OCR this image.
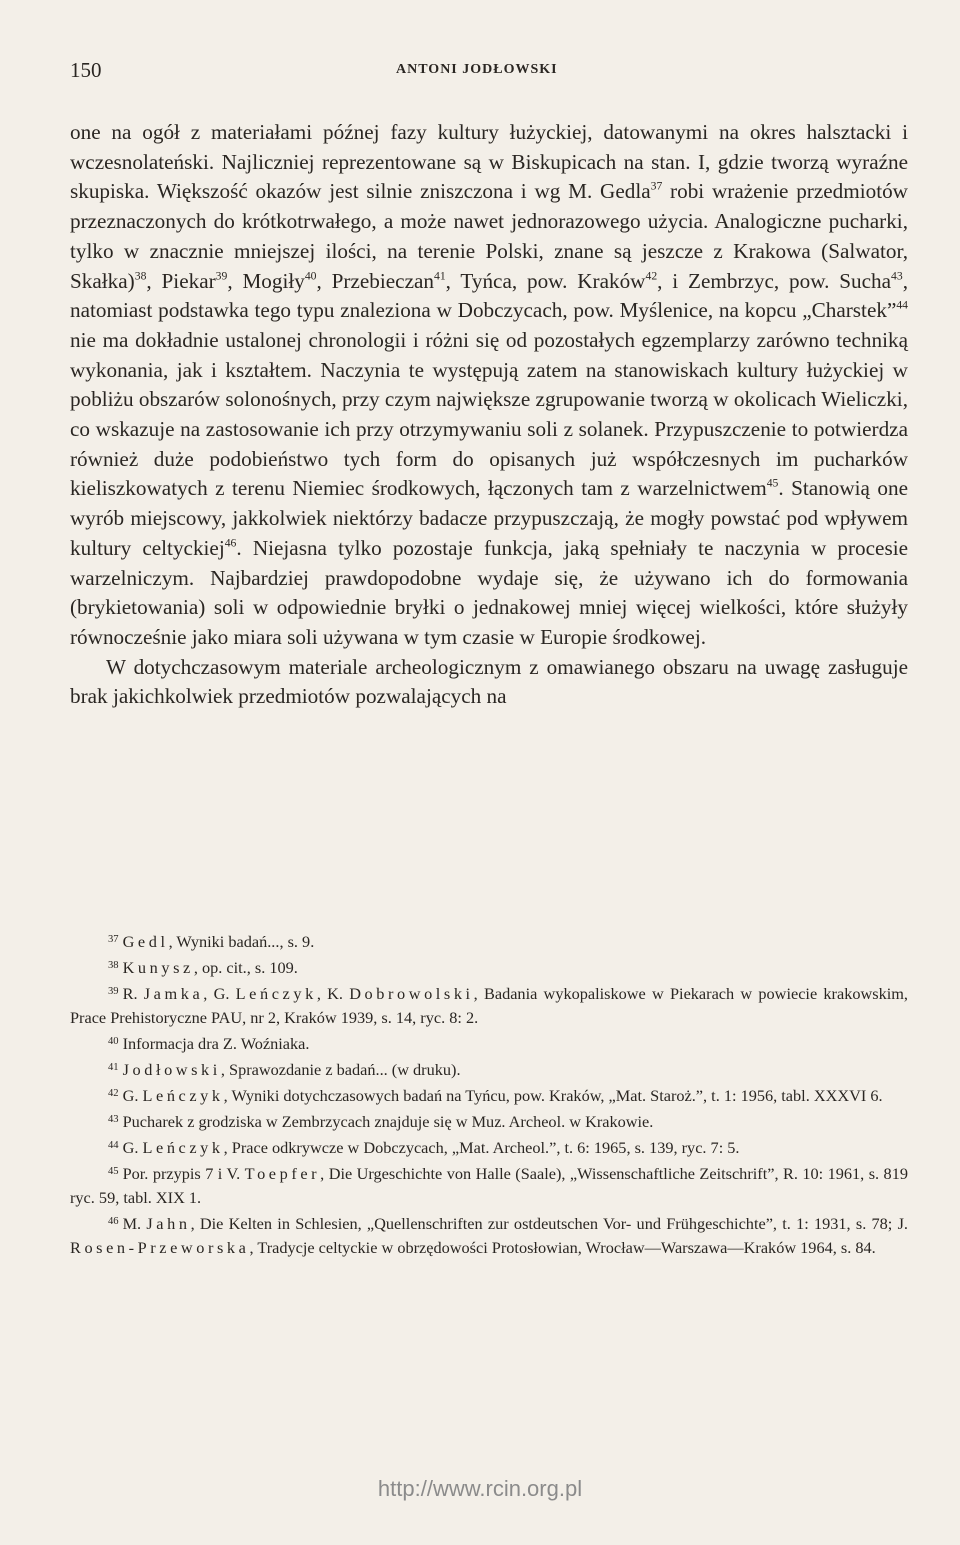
150	ANTONI JODŁOWSKI

one na ogół z materiałami późnej fazy kultury łużyckiej, datowanymi na okres halsztacki i wczesnolateński. Najliczniej reprezentowane są w Biskupicach na stan. I, gdzie tworzą wyraźne skupiska. Większość okazów jest silnie zniszczona i wg M. Gedla$^{37}$ robi wrażenie przedmiotów przeznaczonych do krótkotrwałego, a może nawet jednorazowego użycia. Analogiczne pucharki, tylko w znacznie mniejszej ilości, na terenie Polski, znane są jeszcze z Krakowa (Salwator, Skałka)$^{38}$, Piekar$^{39}$, Mogiły$^{40}$, Przebieczan$^{41}$, Tyńca, pow. Kraków$^{42}$, i Zembrzyc, pow. Sucha$^{43}$, natomiast podstawka tego typu znaleziona w Dobczycach, pow. Myślenice, na kopcu „Charstek”$^{44}$ nie ma dokładnie ustalonej chronologii i różni się od pozostałych egzemplarzy zarówno techniką wykonania, jak i kształtem. Naczynia te występują zatem na stanowiskach kultury łużyckiej w pobliżu obszarów solonośnych, przy czym największe zgrupowanie tworzą w okolicach Wieliczki, co wskazuje na zastosowanie ich przy otrzymywaniu soli z solanek. Przypuszczenie to potwierdza również duże podobieństwo tych form do opisanych już współczesnych im pucharków kieliszkowatych z terenu Niemiec środkowych, łączonych tam z warzelnictwem$^{45}$. Stanowią one wyrób miejscowy, jakkolwiek niektórzy badacze przypuszczają, że mogły powstać pod wpływem kultury celtyckiej$^{46}$. Niejasna tylko pozostaje funkcja, jaką spełniały te naczynia w procesie warzelniczym. Najbardziej prawdopodobne wydaje się, że używano ich do formowania (brykietowania) soli w odpowiednie bryłki o jednakowej mniej więcej wielkości, które służyły równocześnie jako miara soli używana w tym czasie w Europie środkowej.

W dotychczasowym materiale archeologicznym z omawianego obszaru na uwagę zasługuje brak jakichkolwiek przedmiotów pozwalających na

$^{37}$ Gedl, Wyniki badań..., s. 9.

$^{38}$ Kunysz, op. cit., s. 109.

$^{39}$ R. Jamka, G. Leńczyk, K. Dobrowolski, Badania wykopaliskowe w Piekarach w powiecie krakowskim, Prace Prehistoryczne PAU, nr 2, Kraków 1939, s. 14, ryc. 8: 2.

$^{40}$ Informacja dra Z. Woźniaka.

$^{41}$ Jodłowski, Sprawozdanie z badań... (w druku).

$^{42}$ G. Leńczyk, Wyniki dotychczasowych badań na Tyńcu, pow. Kraków, „Mat. Staroż.”, t. 1: 1956, tabl. XXXVI 6.

$^{43}$ Pucharek z grodziska w Zembrzycach znajduje się w Muz. Archeol. w Krakowie.

$^{44}$ G. Leńczyk, Prace odkrywcze w Dobczycach, „Mat. Archeol.”, t. 6: 1965, s. 139, ryc. 7: 5.

$^{45}$ Por. przypis 7 i V. Toepfer, Die Urgeschichte von Halle (Saale), „Wissenschaftliche Zeitschrift”, R. 10: 1961, s. 819 ryc. 59, tabl. XIX 1.

$^{46}$ M. Jahn, Die Kelten in Schlesien, „Quellenschriften zur ostdeutschen Vor- und Frühgeschichte”, t. 1: 1931, s. 78; J. Rosen-Przeworska, Tradycje celtyckie w obrzędowości Protosłowian, Wrocław—Warszawa—Kraków 1964, s. 84.

http://www.rcin.org.pl
